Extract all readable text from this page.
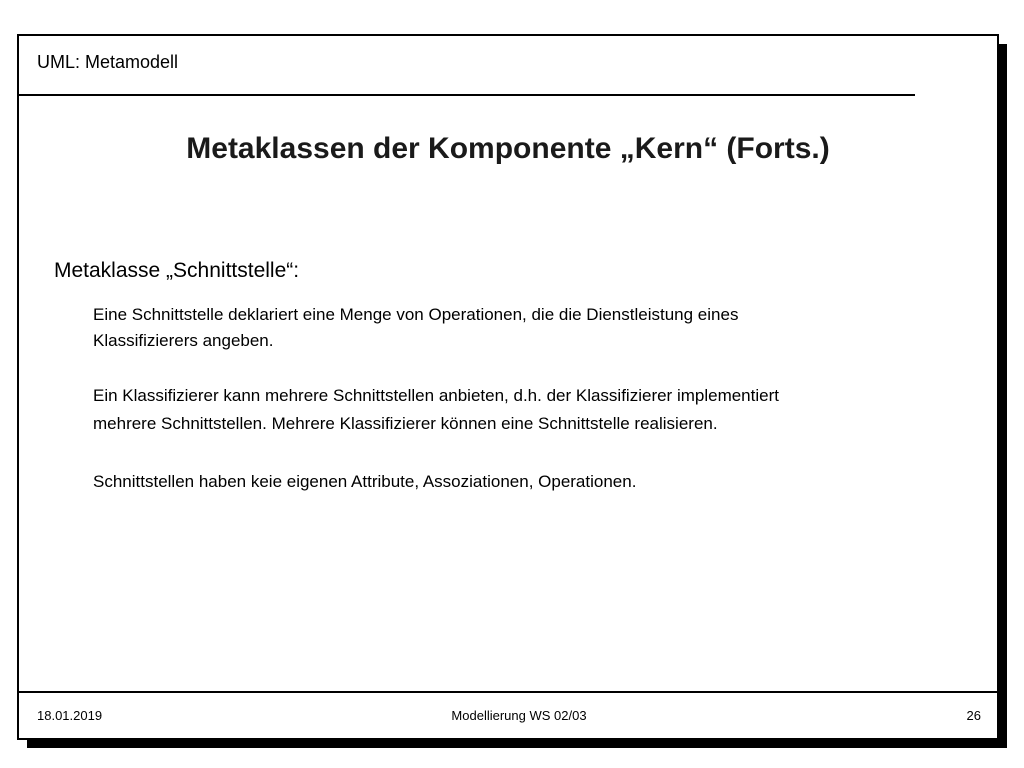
UML: Metamodell
Metaklassen der Komponente „Kern“ (Forts.)
Metaklasse „Schnittstelle“:
Eine Schnittstelle deklariert eine Menge von Operationen, die die Dienstleistung eines
Klassifizierers angeben.
Ein Klassifizierer kann mehrere Schnittstellen anbieten, d.h. der Klassifizierer implementiert
mehrere Schnittstellen. Mehrere Klassifizierer können eine Schnittstelle realisieren.
Schnittstellen haben keie eigenen Attribute, Assoziationen, Operationen.
18.01.2019	Modellierung WS 02/03	26
